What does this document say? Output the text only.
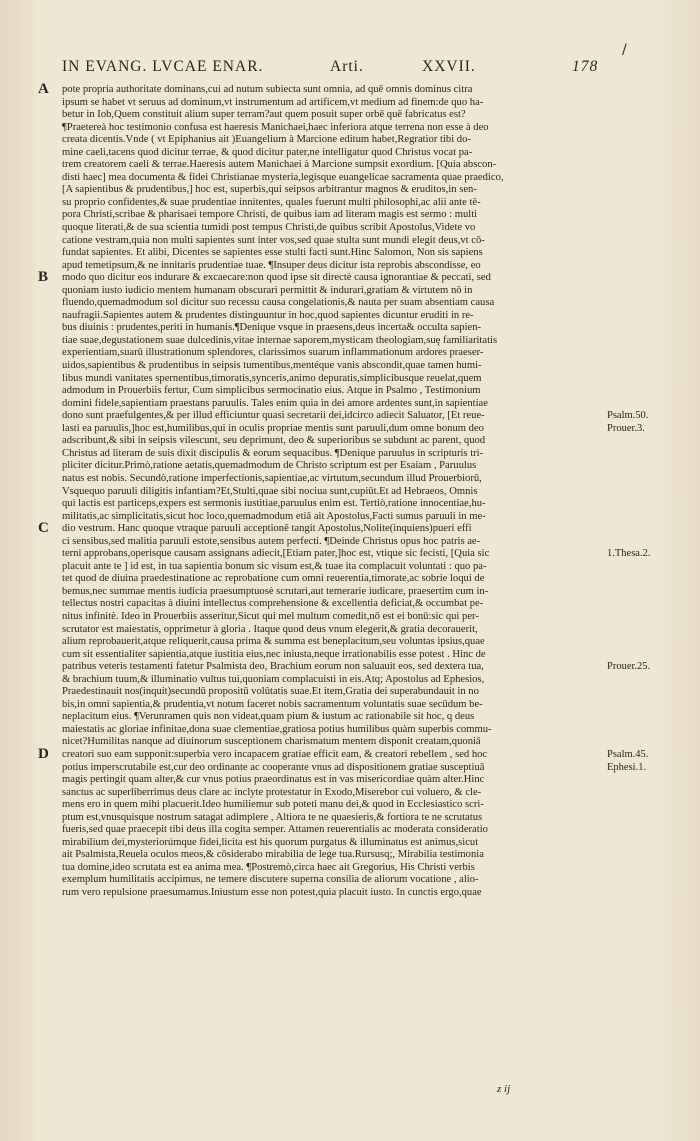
/
IN EVANG. LVCAE ENAR.	Arti.	XXVII.	178
A
B
C
D
Psalm.50.
Prouer.3.
1.Thesa.2.
Prouer.25.
Psalm.45.
Ephesi.1.

pote propria authoritate dominans,cui ad nutum subiecta sunt omnia, ad quē omnis dominus citra

ipsum se habet vt seruus ad dominum,vt instrumentum ad artificem,vt medium ad finem:de quo ha-

betur in Iob,Quem constituit alium super terram?aut quem posuit super orbē quē fabricatus est?

¶Praetereà hoc testimonio confusa est haeresis Manichaei,haec inferiora atque terrena non esse à deo

creata dicentis.Vnde ( vt Epiphanius ait )Euangelium à Marcione editum habet,Regratior tibi do-

mine caeli,tacens quod dicitur terrae, & quod dicitur pater,ne intelligatur quod Christus vocat pa-

trem creatorem caeli & terrae.Haeresis autem Manichaei à Marcione sumpsit exordium. [Quia abscon-

disti haec] mea documenta & fidei Christianae mysteria,legisque euangelicae sacramenta quae praedico,

[A sapientibus & prudentibus,] hoc est, superbis,qui seipsos arbitrantur magnos & eruditos,in sen-

su proprio confidentes,& suae prudentiae innitentes, quales fuerunt multi philosophi,ac alii ante tē-

pora Christi,scribae & pharisaei tempore Christi, de quibus iam ad literam magis est sermo : multi

quoque literati,& de sua scientia tumidi post tempus Christi,de quibus scribit Apostolus,Videte vo

catione vestram,quia non multi sapientes sunt inter vos,sed quae stulta sunt mundi elegit deus,vt cō-

fundat sapientes. Et alibi, Dicentes se sapientes esse stulti facti sunt.Hinc Salomon, Non sis sapiens

apud temetipsum,& ne innitaris prudentiae tuae. ¶Insuper deus dicitur ista reprobis abscondisse, eo

modo quo dicitur eos indurare & excaecare:non quod ipse sit directè causa ignorantiae & peccati, sed

quoniam iusto iudicio mentem humanam obscurari permittit & indurari,gratiam & virtutem nō in

fluendo,quemadmodum sol dicitur suo recessu causa congelationis,& nauta per suam absentiam causa

naufragii.Sapientes autem & prudentes distinguuntur in hoc,quod sapientes dicuntur eruditi in re-

bus diuinis : prudentes,periti in humanis.¶Denique vsque in praesens,deus incerta& occulta sapien-

tiae suae,degustationem suae dulcedinis,vitae internae saporem,mysticam theologiam,suę familiaritatis

experientiam,suarū illustrationum splendores, clarissimos suarum inflammationum ardores praeser-

uidos,sapientibus & prudentibus in seipsis tumentibus,mentéque vanis abscondit,quae tamen humi-

libus mundi vanitates spernentibus,timoratis,synceris,animo depuratis,simplicibusque reuelat,quem

admodum in Prouerbiis fertur, Cum simplicibus sermocinatio eius. Atque in Psalmo , Testimonium

domini fidele,sapientiam praestans paruulis. Tales enim quia in dei amore ardentes sunt,in sapientiae

dono sunt praefulgentes,& per illud efficiuntur quasi secretarii dei,idcirco adiecit Saluator, [Et reue-

lasti ea paruulis,]hoc est,humilibus,qui in oculis propriae mentis sunt paruuli,dum omne bonum deo

adscribunt,& sibi in seipsis vilescunt, seu deprimunt, deo & superioribus se subdunt ac parent, quod

Christus ad literam de suis dixit discipulis & eorum sequacibus. ¶Denique paruulus in scripturis tri-

pliciter dicitur.Primò,ratione aetatis,quemadmodum de Christo scriptum est per Esaiam , Paruulus

natus est nobis. Secundò,ratione imperfectionis,sapientiae,ac virtutum,secundum illud Prouerbiorū,

Vsquequo paruuli diligitis infantiam?Et,Stulti,quae sibi nociua sunt,cupiūt.Et ad Hebraeos, Omnis

qui lactis est particeps,expers est sermonis iustitiae,paruulus enim est. Tertiò,ratione innocentiae,hu-

militatis,ac simplicitatis,sicut hoc loco,quemadmodum etiā ait Apostolus,Facti sumus paruuli in me-

dio vestrum. Hanc quoque vtraque paruuli acceptionē tangit Apostolus,Nolite(inquiens)pueri effi

ci sensibus,sed malitia paruuli estote,sensibus autem perfecti. ¶Deinde Christus opus hoc patris ae-

terni approbans,operisque causam assignans adiecit,[Etiam pater,]hoc est, vtique sic fecisti, [Quia sic

placuit ante te ] id est, in tua sapientia bonum sic visum est,& tuae ita complacuit voluntati : quo pa-

tet quod de diuina praedestinatione ac reprobatione cum omni reuerentia,timorate,ac sobrie loqui de

bemus,nec summae mentis iudicia praesumptuosè scrutari,aut temerarie iudicare, praesertim cum in-

tellectus nostri capacitas à diuini intellectus comprehensione & excellentia deficiat,& occumbat pe-

nitus infinitè. Ideo in Prouerbiis asseritur,Sicut qui mel multum comedit,nō est ei bonū:sic qui per-

scrutator est maiestatis, opprimetur à gloria . Itaque quod deus vnum elegerit,& gratia decorauerit,

alium reprobauerit,atque reliquerit,causa prima & summa est beneplacitum,seu voluntas ipsius,quae

cum sit essentialiter sapientia,atque iustitia eius,nec iniusta,neque irrationabilis esse potest . Hinc de

patribus veteris testamenti fatetur Psalmista deo, Brachium eorum non saluauit eos, sed dextera tua,

& brachium tuum,& illuminatio vultus tui,quoniam complacuisti in eis.Atq; Apostolus ad Ephesios,

Praedestinauit nos(inquit)secundū propositū volūtatis suae.Et item,Gratia dei superabundauit in no

bis,in omni sapientia,& prudentia,vt notum faceret nobis sacramentum voluntatis suae secūdum be-

neplacitum eius. ¶Verunramen quis non videat,quam pium & iustum ac rationabile sit hoc, q deus

maiestatis ac gloriae infinitae,dona suae clementiae,gratiosa potius humilibus quàm superbis commu-

nicet?Humilitas nanque ad diuinorum susceptionem charismatum mentem disponit creatam,quoniā

creatori suo eam supponit:superbia vero incapacem gratiae efficit eam, & creatori rebellem , sed hoc

potius imperscrutabile est,cur deo ordinante ac cooperante vnus ad dispositionem gratiae susceptiuā

magis pertingit quam alter,& cur vnus potius praeordinatus est in vas misericordiae quàm alter.Hinc

sanctus ac superliberrimus deus clare ac inclyte protestatur in Exodo,Miserebor cui voluero, & cle-

mens ero in quem mihi placuerit.Ideo humiliemur sub poteti manu dei,& quod in Ecclesiastico scri-

ptum est,vnusquisque nostrum satagat adimplere , Altiora te ne quaesieris,& fortiora te ne scrutatus

fueris,sed quae praecepit tibi deus illa cogita semper. Attamen reuerentialis ac moderata consideratio

mirabilium dei,mysteriorúmque fidei,licita est his quorum purgatus & illuminatus est animus,sicut

ait Psalmista,Reuela oculos meos,& cōsiderabo mirabilia de lege tua.Rursusq;, Mirabilia testimonia

tua domine,ideo scrutata est ea anima mea. ¶Postremò,circa haec ait Gregorius, His Christi verbis

exemplum humilitatis accipimus, ne temere discutere superna consilia de aliorum vocatione , alio-

rum vero repulsione praesumamus.Iniustum esse non potest,quia placuit iusto. In cunctis ergo,quae

z ij
